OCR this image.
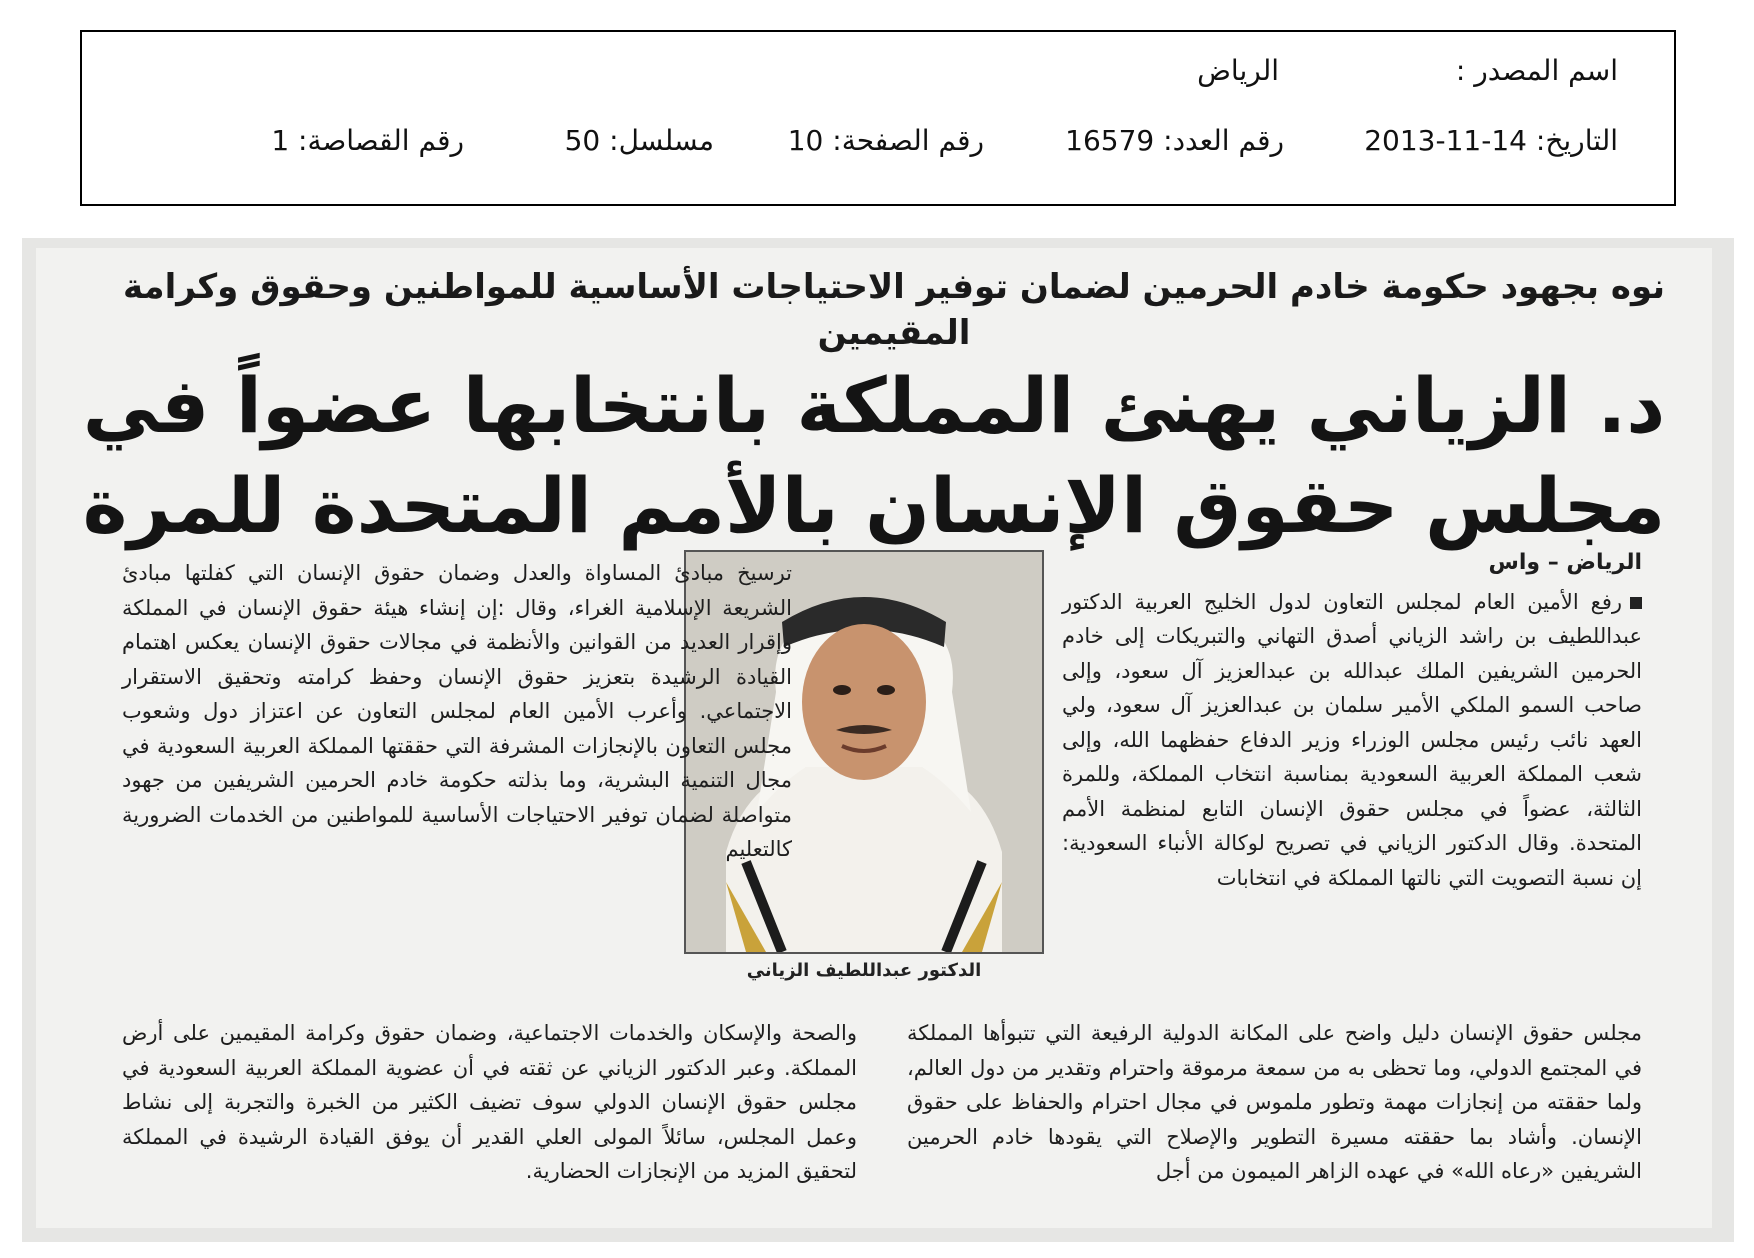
اسم المصدر :
الرياض
التاريخ: 14-11-2013
رقم العدد: 16579
رقم الصفحة: 10
مسلسل: 50
رقم القصاصة: 1
نوه بجهود حكومة خادم الحرمين لضمان توفير الاحتياجات الأساسية للمواطنين وحقوق وكرامة المقيمين
د. الزياني يهنئ المملكة بانتخابها عضواً في
مجلس حقوق الإنسان بالأمم المتحدة للمرة
الرياض – واس
رفع الأمين العام لمجلس التعاون لدول الخليج العربية الدكتور عبداللطيف بن راشد الزياني أصدق التهاني والتبريكات إلى خادم الحرمين الشريفين الملك عبدالله بن عبدالعزيز آل سعود، وإلى صاحب السمو الملكي الأمير سلمان بن عبدالعزيز آل سعود، ولي العهد نائب رئيس مجلس الوزراء وزير الدفاع حفظهما الله، وإلى شعب المملكة العربية السعودية بمناسبة انتخاب المملكة، وللمرة الثالثة، عضواً في مجلس حقوق الإنسان التابع لمنظمة الأمم المتحدة. وقال الدكتور الزياني في تصريح لوكالة الأنباء السعودية: إن نسبة التصويت التي نالتها المملكة في انتخابات
الدكتور عبداللطيف الزياني
ترسيخ مبادئ المساواة والعدل وضمان حقوق الإنسان التي كفلتها مبادئ الشريعة الإسلامية الغراء، وقال :إن إنشاء هيئة حقوق الإنسان في المملكة وإقرار العديد من القوانين والأنظمة في مجالات حقوق الإنسان يعكس اهتمام القيادة الرشيدة بتعزيز حقوق الإنسان وحفظ كرامته وتحقيق الاستقرار الاجتماعي. وأعرب الأمين العام لمجلس التعاون عن اعتزاز دول وشعوب مجلس التعاون بالإنجازات المشرفة التي حققتها المملكة العربية السعودية في مجال التنمية البشرية، وما بذلته حكومة خادم الحرمين الشريفين من جهود متواصلة لضمان توفير الاحتياجات الأساسية للمواطنين من الخدمات الضرورية كالتعليم
مجلس حقوق الإنسان دليل واضح على المكانة الدولية الرفيعة التي تتبوأها المملكة في المجتمع الدولي، وما تحظى به من سمعة مرموقة واحترام وتقدير من دول العالم، ولما حققته من إنجازات مهمة وتطور ملموس في مجال احترام والحفاظ على حقوق الإنسان. وأشاد بما حققته مسيرة التطوير والإصلاح التي يقودها خادم الحرمين الشريفين «رعاه الله» في عهده الزاهر الميمون من أجل
والصحة والإسكان والخدمات الاجتماعية، وضمان حقوق وكرامة المقيمين على أرض المملكة. وعبر الدكتور الزياني عن ثقته في أن عضوية المملكة العربية السعودية في مجلس حقوق الإنسان الدولي سوف تضيف الكثير من الخبرة والتجربة إلى نشاط وعمل المجلس، سائلاً المولى العلي القدير أن يوفق القيادة الرشيدة في المملكة لتحقيق المزيد من الإنجازات الحضارية.
